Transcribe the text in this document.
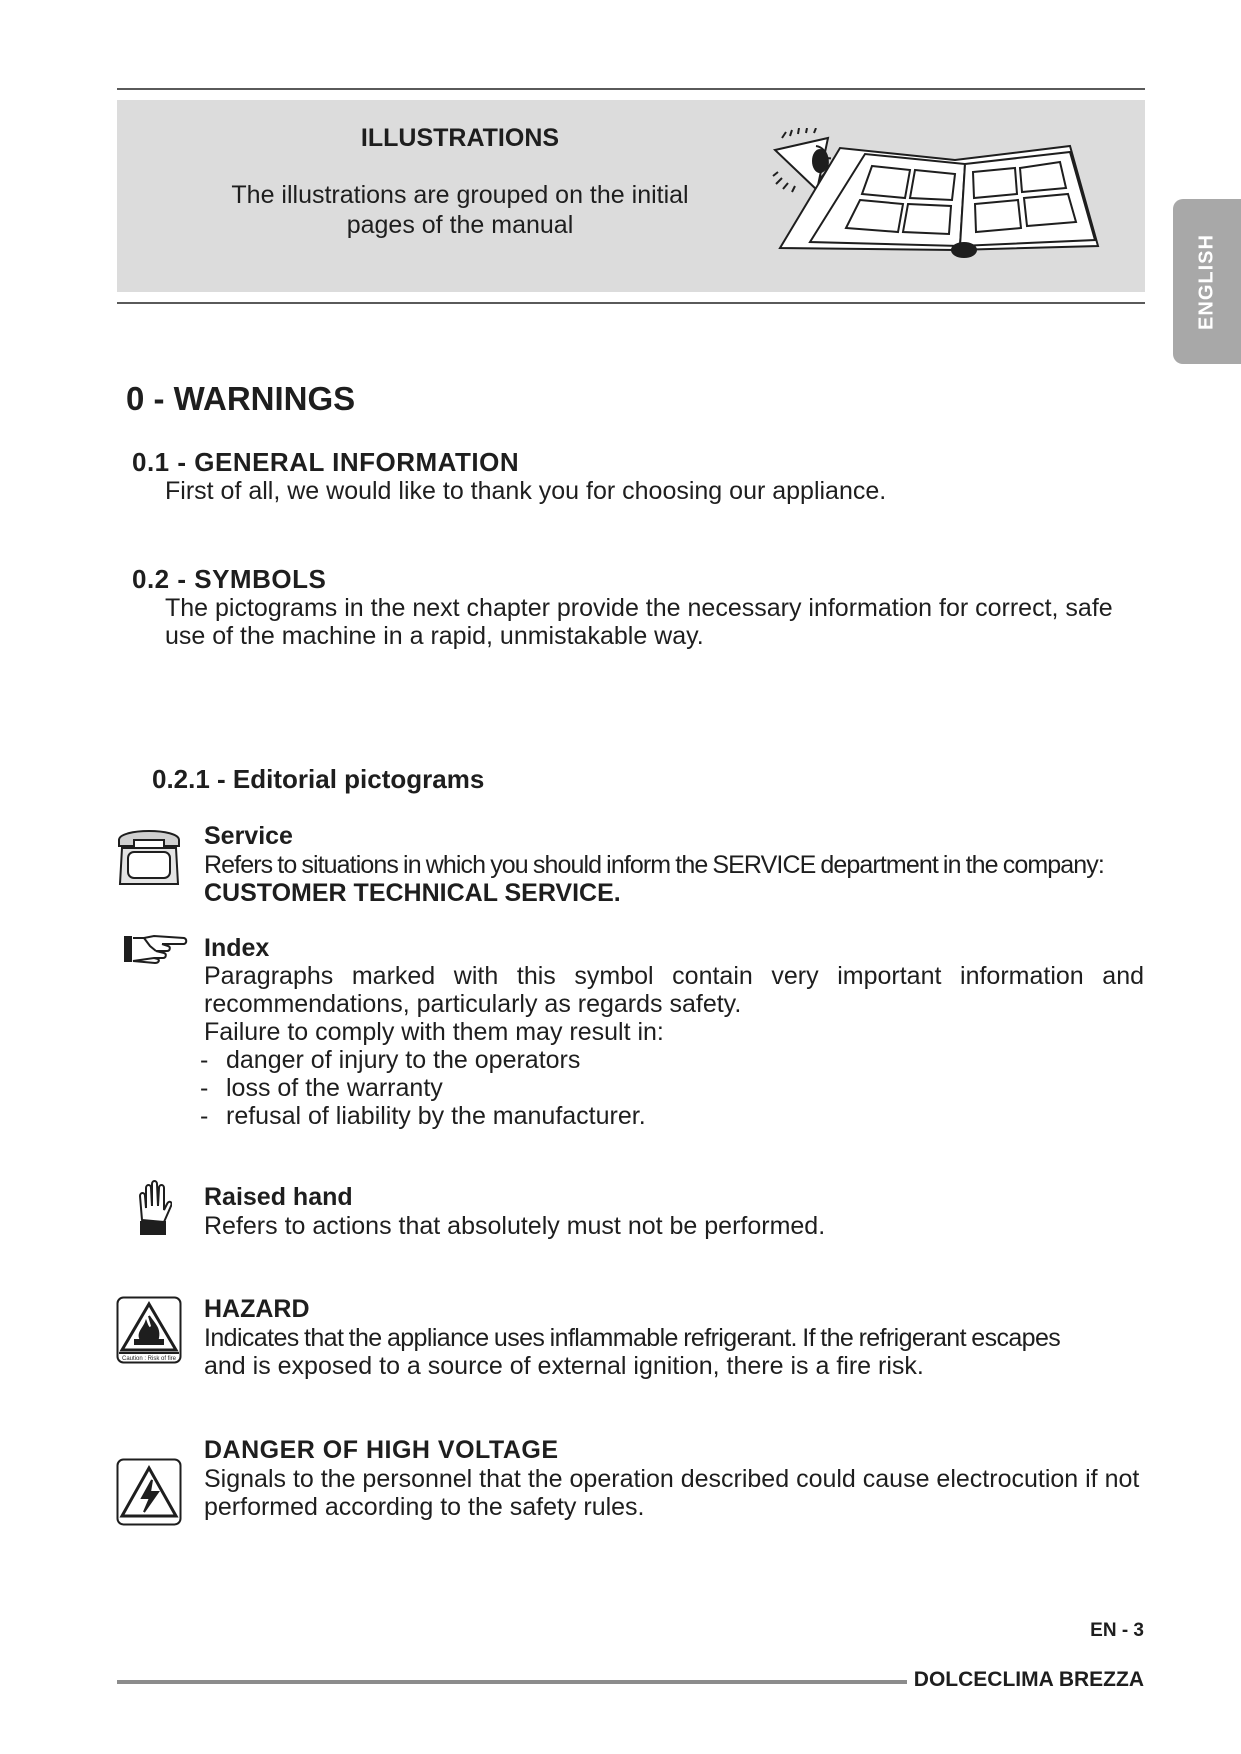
ILLUSTRATIONS
The illustrations are grouped on the initial
pages of the manual
ENGLISH
0 - WARNINGS
0.1 - GENERAL INFORMATION
First of all, we would like to thank you for choosing our appliance.
0.2 - SYMBOLS
The pictograms in the next chapter provide the necessary information for correct, safe
use of the machine in a rapid, unmistakable way.
0.2.1 - Editorial pictograms
Service
Refers to situations in which you should inform the SERVICE department in the company:
CUSTOMER TECHNICAL SERVICE.
Index
Paragraphs marked with this symbol contain very important information and
recommendations, particularly as regards safety.
Failure to comply with them may result in:
- danger of injury to the operators
- loss of the warranty
- refusal of liability by the manufacturer.
Raised hand
Refers to actions that absolutely must not be performed.
Caution : Risk of fire
HAZARD
Indicates that the appliance uses inflammable refrigerant. If the refrigerant escapes
and is exposed to a source of external ignition, there is a fire risk.
DANGER OF HIGH VOLTAGE
Signals to the personnel that the operation described could cause electrocution if not
performed according to the safety rules.
EN - 3
DOLCECLIMA BREZZA
